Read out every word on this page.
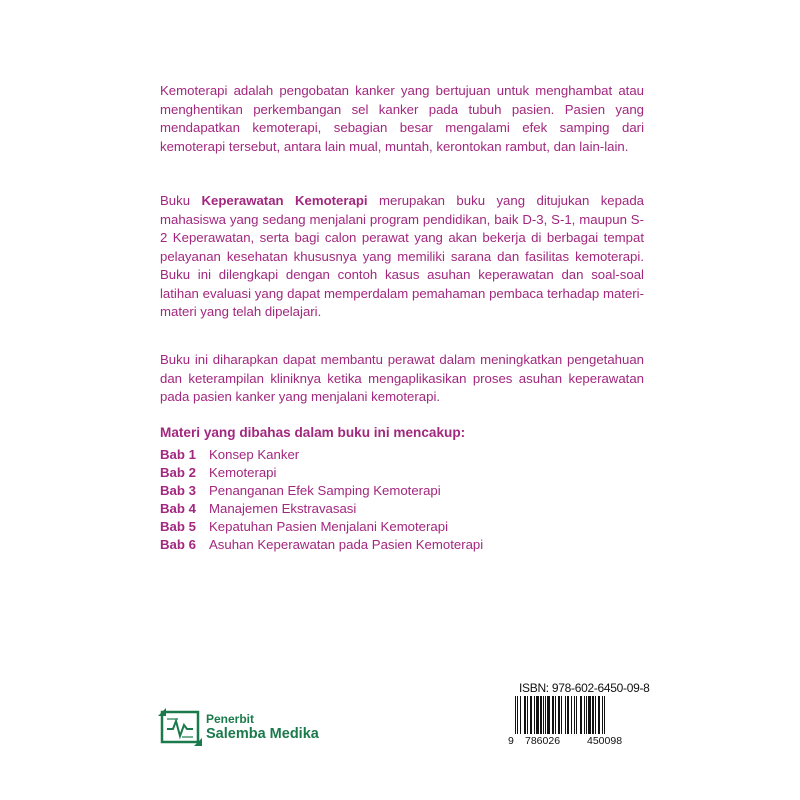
Kemoterapi adalah pengobatan kanker yang bertujuan untuk menghambat atau menghentikan perkembangan sel kanker pada tubuh pasien. Pasien yang mendapatkan kemoterapi, sebagian besar mengalami efek samping dari kemoterapi tersebut, antara lain mual, muntah, kerontokan rambut, dan lain-lain.
Buku Keperawatan Kemoterapi merupakan buku yang ditujukan kepada mahasiswa yang sedang menjalani program pendidikan, baik D-3, S-1, maupun S-2 Keperawatan, serta bagi calon perawat yang akan bekerja di berbagai tempat pelayanan kesehatan khususnya yang memiliki sarana dan fasilitas kemoterapi. Buku ini dilengkapi dengan contoh kasus asuhan keperawatan dan soal-soal latihan evaluasi yang dapat memperdalam pemahaman pembaca terhadap materi-materi yang telah dipelajari.
Buku ini diharapkan dapat membantu perawat dalam meningkatkan pengetahuan dan keterampilan kliniknya ketika mengaplikasikan proses asuhan keperawatan pada pasien kanker yang menjalani kemoterapi.
Materi yang dibahas dalam buku ini mencakup:
Bab 1 Konsep Kanker
Bab 2 Kemoterapi
Bab 3 Penanganan Efek Samping Kemoterapi
Bab 4 Manajemen Ekstravasasi
Bab 5 Kepatuhan Pasien Menjalani Kemoterapi
Bab 6 Asuhan Keperawatan pada Pasien Kemoterapi
Penerbit
Salemba Medika
ISBN: 978-602-6450-09-8
9 786026	450098
